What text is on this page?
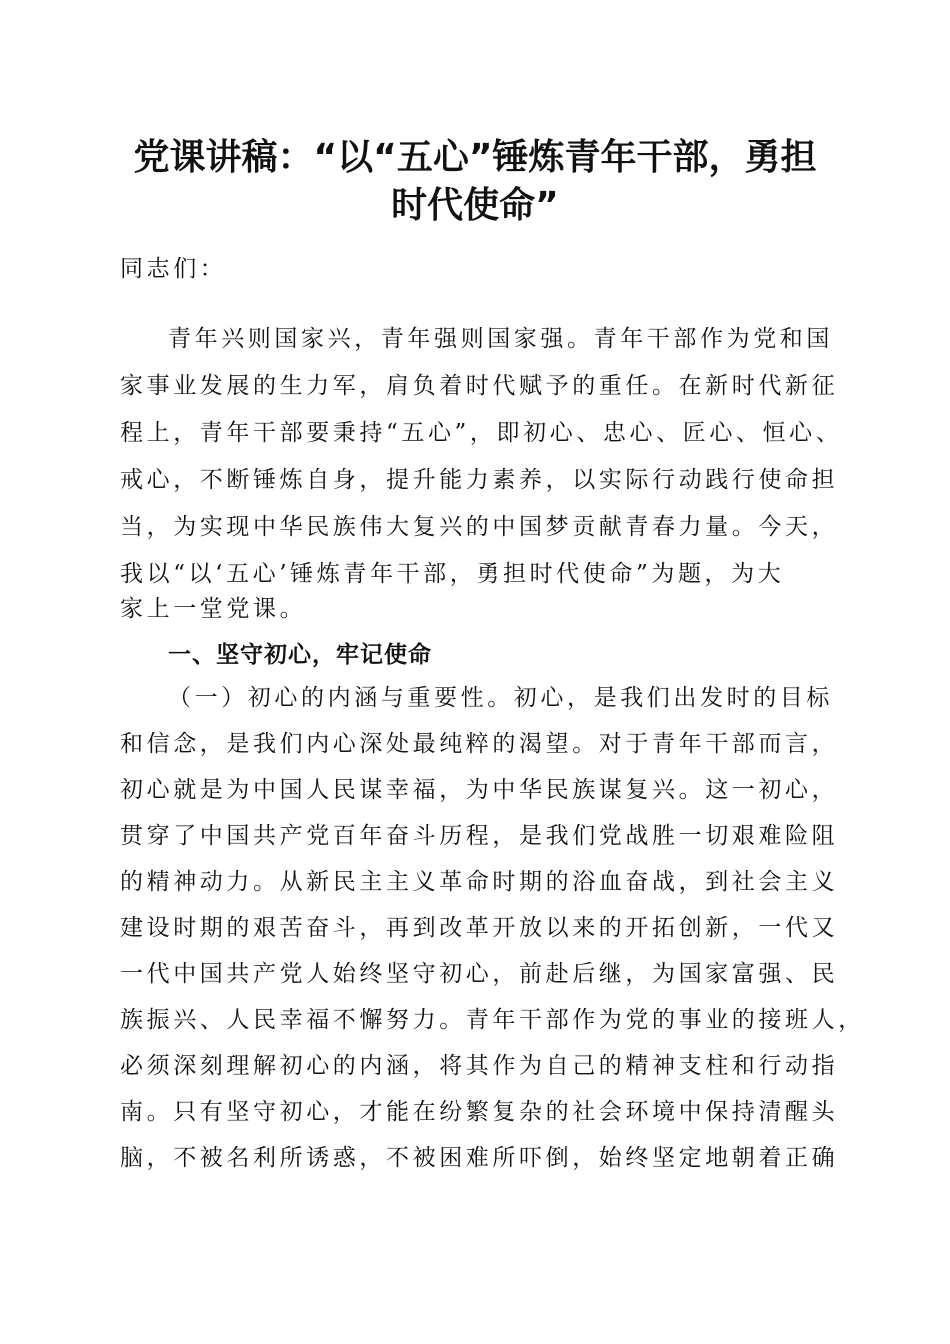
党课讲稿：“以“五心”锤炼青年干部，勇担
时代使命”
同志们：
青年兴则国家兴，青年强则国家强。青年干部作为党和国
家事业发展的生力军，肩负着时代赋予的重任。在新时代新征
程上，青年干部要秉持“五心”，即初心、忠心、匠心、恒心、
戒心，不断锤炼自身，提升能力素养，以实际行动践行使命担
当，为实现中华民族伟大复兴的中国梦贡献青春力量。今天，
我以“以‘五心’锤炼青年干部，勇担时代使命”为题，为大
家上一堂党课。
一、坚守初心，牢记使命
（一）初心的内涵与重要性。初心，是我们出发时的目标
和信念，是我们内心深处最纯粹的渴望。对于青年干部而言，
初心就是为中国人民谋幸福，为中华民族谋复兴。这一初心，
贯穿了中国共产党百年奋斗历程，是我们党战胜一切艰难险阻
的精神动力。从新民主主义革命时期的浴血奋战，到社会主义
建设时期的艰苦奋斗，再到改革开放以来的开拓创新，一代又
一代中国共产党人始终坚守初心，前赴后继，为国家富强、民
族振兴、人民幸福不懈努力。青年干部作为党的事业的接班人，
必须深刻理解初心的内涵，将其作为自己的精神支柱和行动指
南。只有坚守初心，才能在纷繁复杂的社会环境中保持清醒头
脑，不被名利所诱惑，不被困难所吓倒，始终坚定地朝着正确
